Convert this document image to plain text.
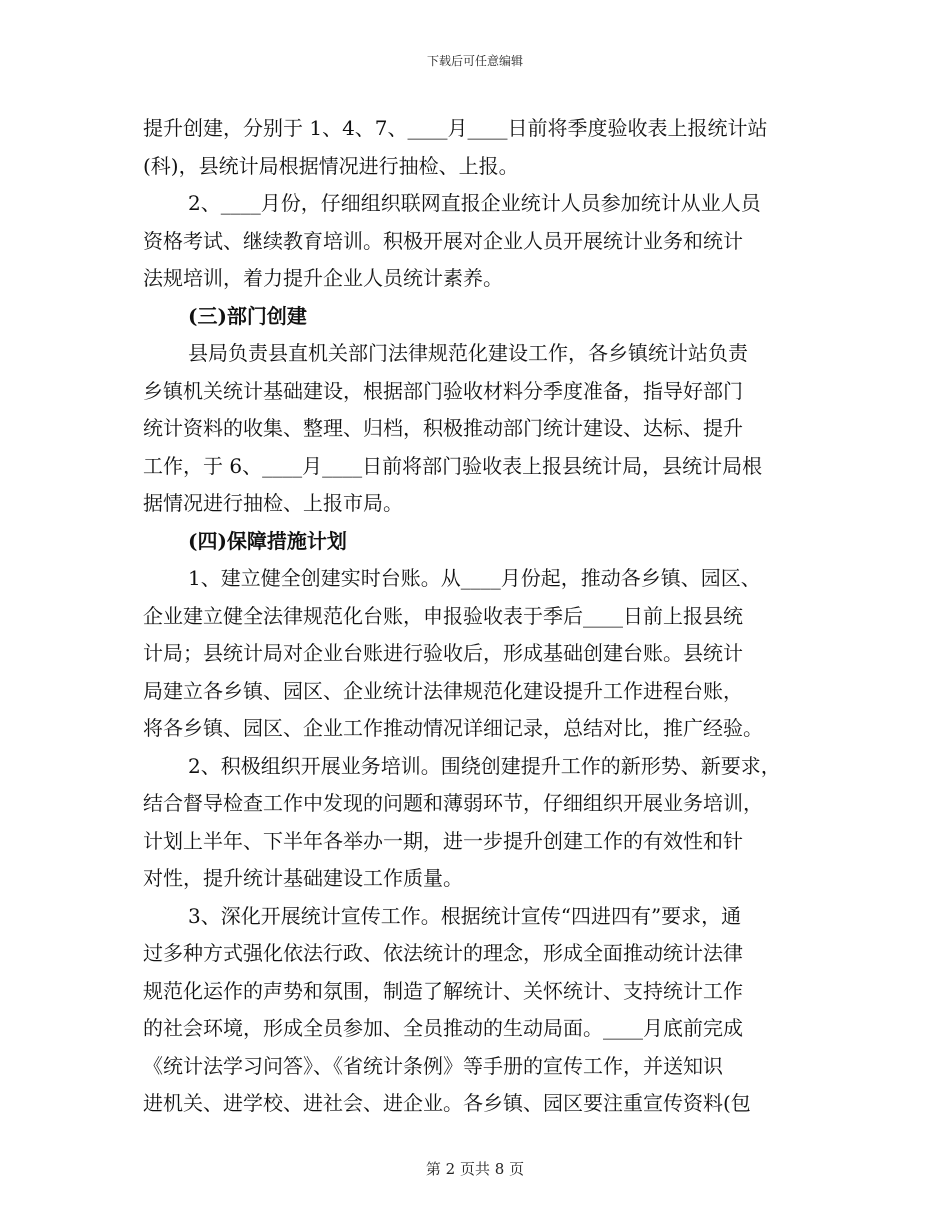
下载后可任意编辑
提升创建，分别于 1、4、7、____月____日前将季度验收表上报统计站
(科)，县统计局根据情况进行抽检、上报。
2、____月份，仔细组织联网直报企业统计人员参加统计从业人员
资格考试、继续教育培训。积极开展对企业人员开展统计业务和统计
法规培训，着力提升企业人员统计素养。
(三)部门创建
县局负责县直机关部门法律规范化建设工作，各乡镇统计站负责
乡镇机关统计基础建设，根据部门验收材料分季度准备，指导好部门
统计资料的收集、整理、归档，积极推动部门统计建设、达标、提升
工作，于 6、____月____日前将部门验收表上报县统计局，县统计局根
据情况进行抽检、上报市局。
(四)保障措施计划
1、建立健全创建实时台账。从____月份起，推动各乡镇、园区、
企业建立健全法律规范化台账，申报验收表于季后____日前上报县统
计局；县统计局对企业台账进行验收后，形成基础创建台账。县统计
局建立各乡镇、园区、企业统计法律规范化建设提升工作进程台账，
将各乡镇、园区、企业工作推动情况详细记录，总结对比，推广经验。
2、积极组织开展业务培训。围绕创建提升工作的新形势、新要求，
结合督导检查工作中发现的问题和薄弱环节，仔细组织开展业务培训，
计划上半年、下半年各举办一期，进一步提升创建工作的有效性和针
对性，提升统计基础建设工作质量。
3、深化开展统计宣传工作。根据统计宣传“四进四有”要求，通
过多种方式强化依法行政、依法统计的理念，形成全面推动统计法律
规范化运作的声势和氛围，制造了解统计、关怀统计、支持统计工作
的社会环境，形成全员参加、全员推动的生动局面。____月底前完成
《统计法学习问答》、《省统计条例》等手册的宣传工作，并送知识
进机关、进学校、进社会、进企业。各乡镇、园区要注重宣传资料(包
第 2 页共 8 页
